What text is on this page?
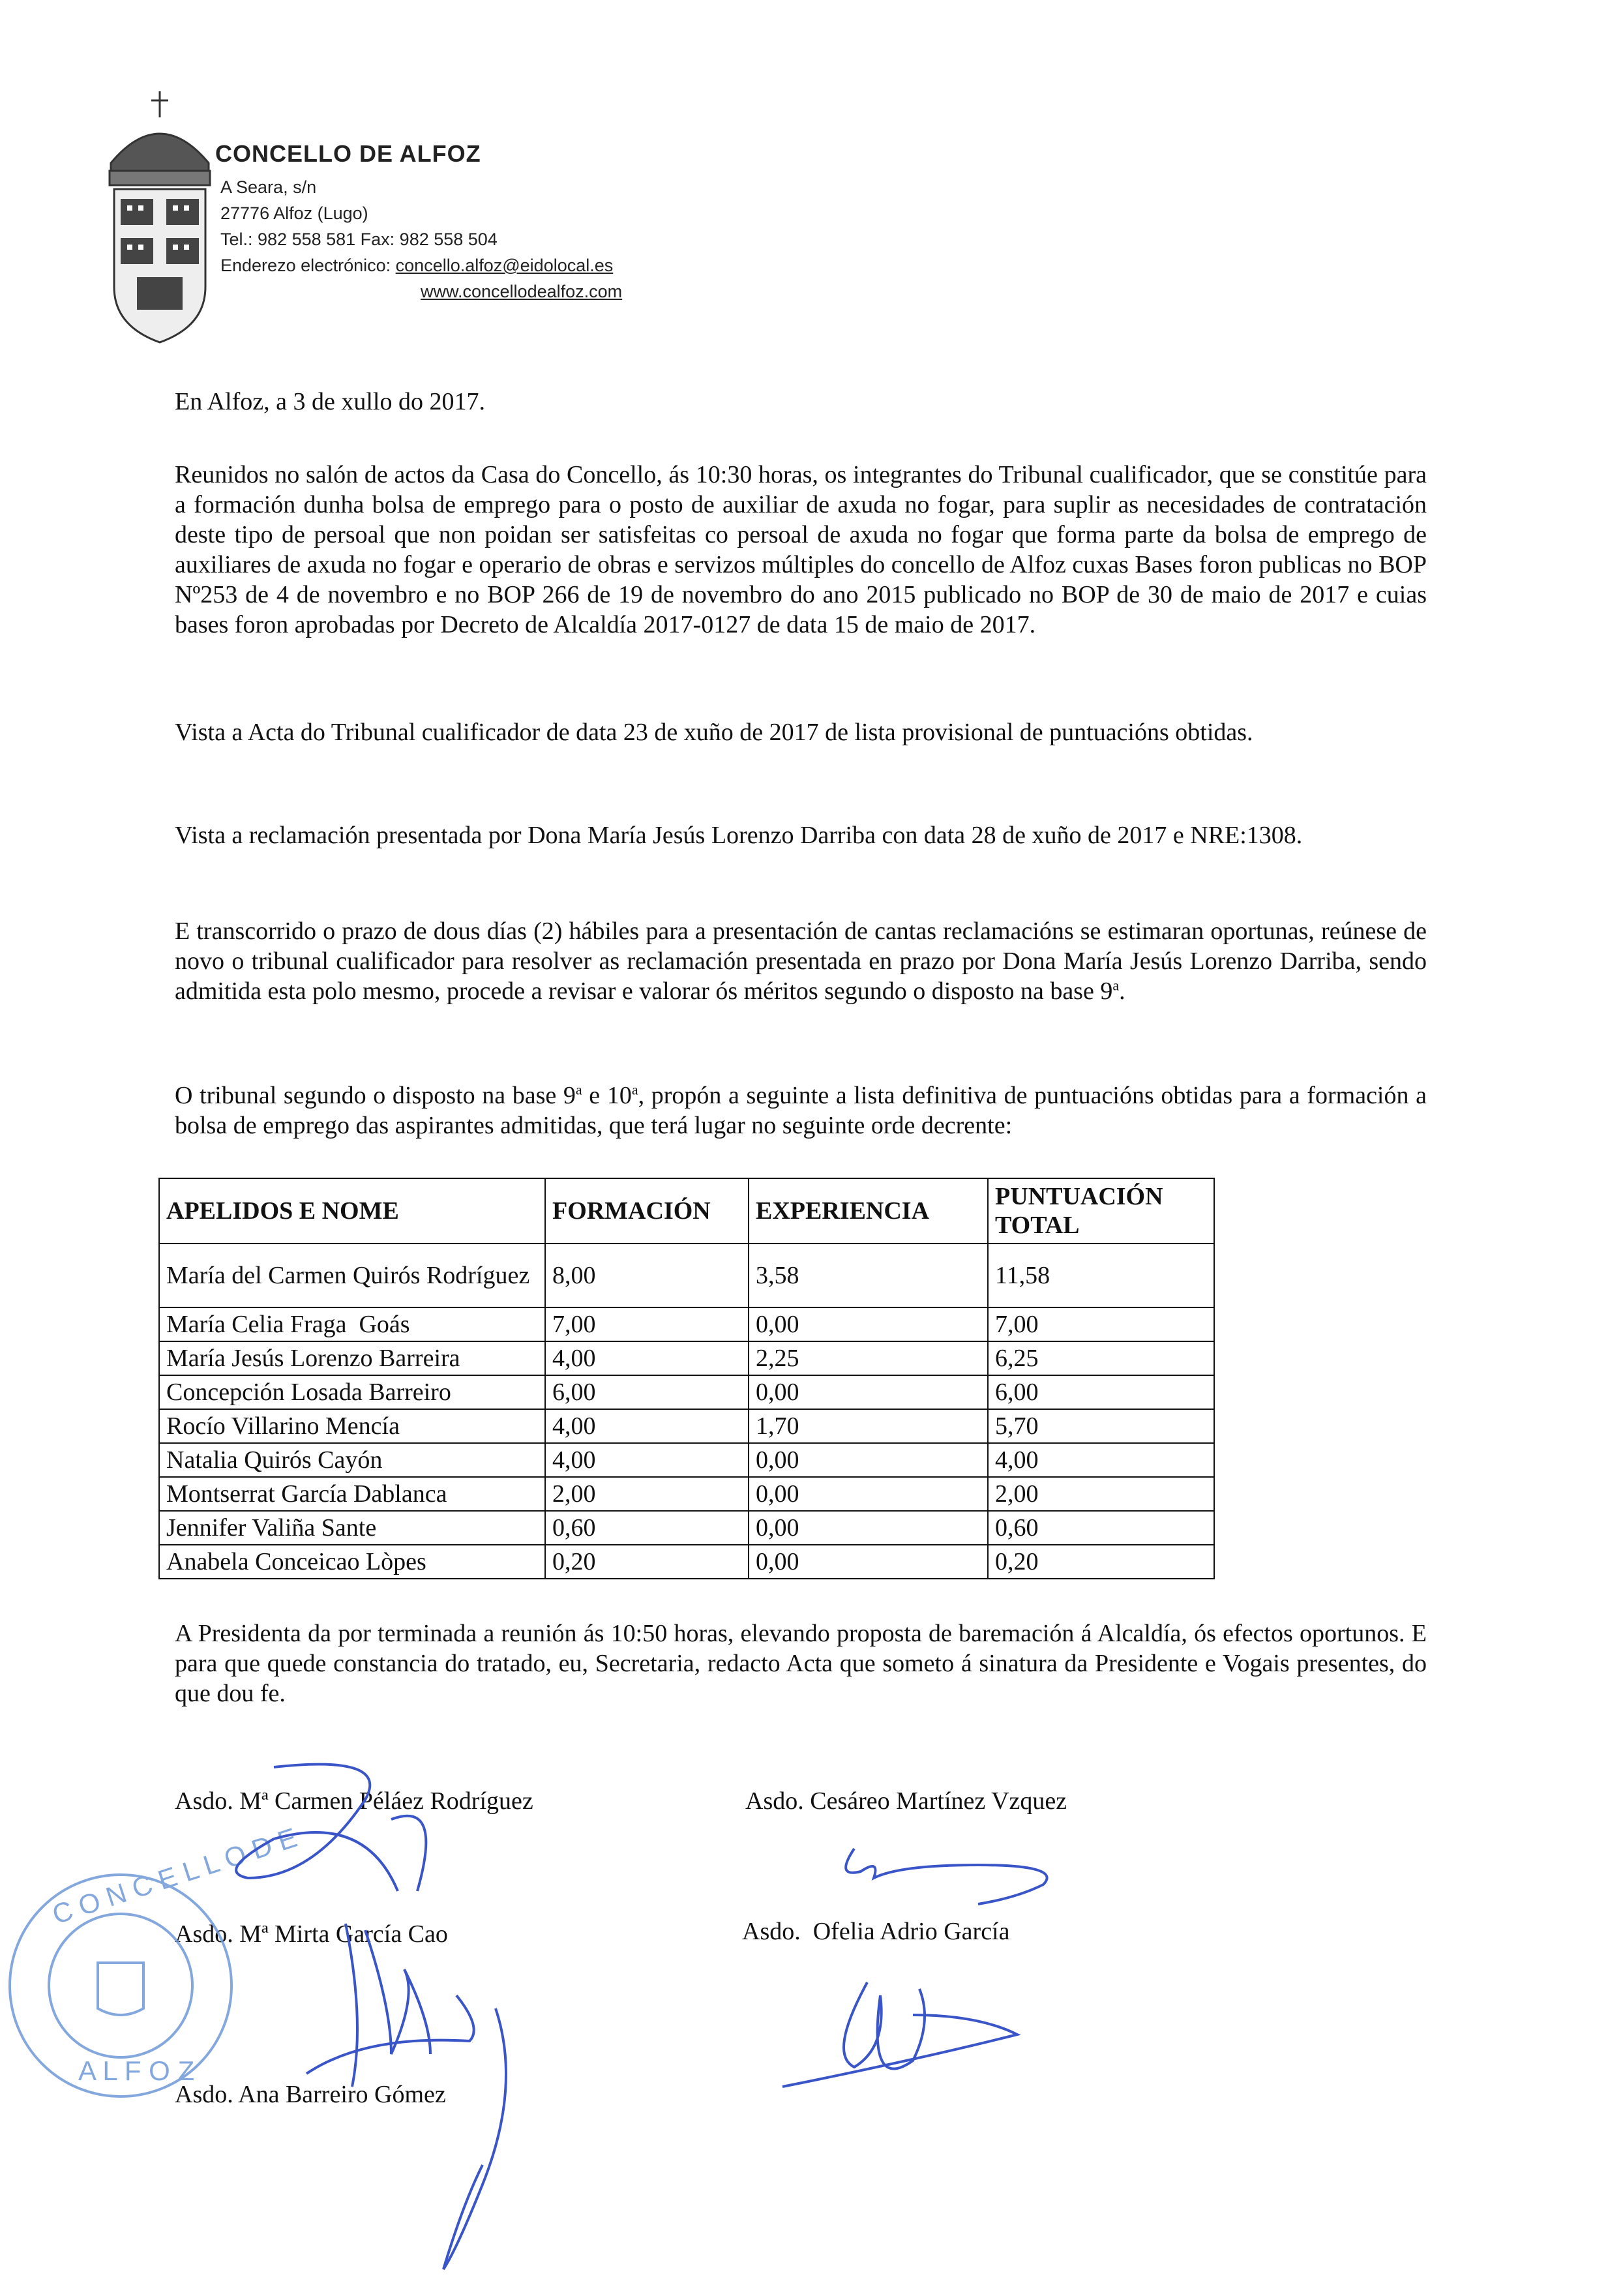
CONCELLO DE ALFOZ
A Seara, s/n
27776 Alfoz (Lugo)
Tel.: 982 558 581 Fax: 982 558 504
Enderezo electrónico: concello.alfoz@eidolocal.es
www.concellodealfoz.com
En Alfoz, a 3 de xullo do 2017.
Reunidos no salón de actos da Casa do Concello, ás 10:30 horas, os integrantes do Tribunal cualificador, que se constitúe para a formación dunha bolsa de emprego para o posto de auxiliar de axuda no fogar, para suplir as necesidades de contratación deste tipo de persoal que non poidan ser satisfeitas co persoal de axuda no fogar que forma parte da bolsa de emprego de auxiliares de axuda no fogar e operario de obras e servizos múltiples do concello de Alfoz cuxas Bases foron publicas no BOP Nº253 de 4 de novembro e no BOP 266 de 19 de novembro do ano 2015 publicado no BOP de 30 de maio de 2017 e cuias bases foron aprobadas por Decreto de Alcaldía 2017-0127 de data 15 de maio de 2017.
Vista a Acta do Tribunal cualificador de data 23 de xuño de 2017 de lista provisional de puntuacións obtidas.
Vista a reclamación presentada por Dona María Jesús Lorenzo Darriba con data 28 de xuño de 2017 e NRE:1308.
E transcorrido o prazo de dous días (2) hábiles para a presentación de cantas reclamacións se estimaran oportunas, reúnese de novo o tribunal cualificador para resolver as reclamación presentada en prazo por Dona María Jesús Lorenzo Darriba, sendo admitida esta polo mesmo, procede a revisar e valorar ós méritos segundo o disposto na base 9$^a$.
O tribunal segundo o disposto na base 9$^a$ e 10$^a$, propón a seguinte a lista definitiva de puntuacións obtidas para a formación a bolsa de emprego das aspirantes admitidas, que terá lugar no seguinte orde decrente:
APELIDOS E NOME	FORMACIÓN	EXPERIENCIA	PUNTUACIÓN TOTAL
María del Carmen Quirós Rodríguez	8,00	3,58	11,58
María Celia Fraga  Goás	7,00	0,00	7,00
María Jesús Lorenzo Barreira	4,00	2,25	6,25
Concepción Losada Barreiro	6,00	0,00	6,00
Rocío Villarino Mencía	4,00	1,70	5,70
Natalia Quirós Cayón	4,00	0,00	4,00
Montserrat García Dablanca	2,00	0,00	2,00
Jennifer Valiña Sante	0,60	0,00	0,60
Anabela Conceicao Lòpes	0,20	0,00	0,20
A Presidenta da por terminada a reunión ás 10:50 horas, elevando proposta de baremación á Alcaldía, ós efectos oportunos. E para que quede constancia do tratado, eu, Secretaria, redacto Acta que someto á sinatura da Presidente e Vogais presentes, do que dou fe.
Asdo. Mª Carmen Péláez Rodríguez	Asdo. Cesáreo Martínez Vzquez
Asdo. Mª Mirta García Cao	Asdo.  Ofelia Adrio García
Asdo. Ana Barreiro Gómez
C O N C E L L O D E
A L F O Z
